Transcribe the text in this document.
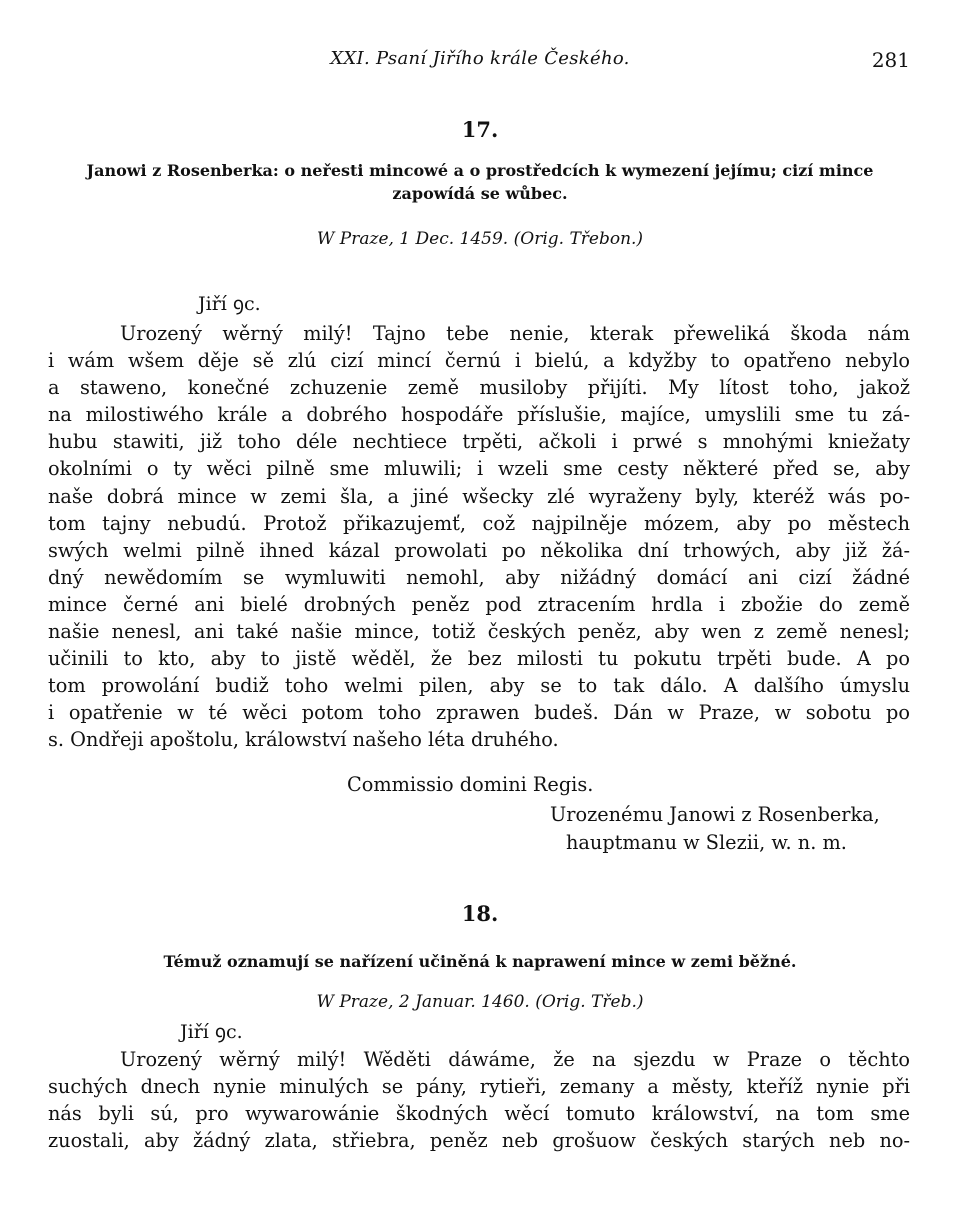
XXI. Psaní Jiřího krále Českého.	281
17.
Janowi z Rosenberka: o neřesti mincowé a o prostředcích k wymezení jejímu; cizí mince
zapowídá se wůbec.
W Praze, 1 Dec. 1459. (Orig. Třebon.)
Jiří ꝯc.
Urozený wěrný milý! Tajno tebe nenie, kterak přeweliká škoda nám
i wám wšem děje sě zlú cizí mincí černú i bielú, a kdyžby to opatřeno nebylo
a staweno, konečné zchuzenie země musiloby přijíti. My lítost toho, jakož
na milostiwého krále a dobrého hospodáře příslušie, majíce, umyslili sme tu zá-
hubu stawiti, již toho déle nechtiece trpěti, ačkoli i prwé s mnohými kniežaty
okolními o ty wěci pilně sme mluwili; i wzeli sme cesty některé před se, aby
naše dobrá mince w zemi šla, a jiné wšecky zlé wyraženy byly, kteréž wás po-
tom tajny nebudú. Protož přikazujemť, což najpilněje mózem, aby po městech
swých welmi pilně ihned kázal prowolati po několika dní trhowých, aby již žá-
dný newědomím se wymluwiti nemohl, aby nižádný domácí ani cizí žádné
mince černé ani bielé drobných peněz pod ztracením hrdla i zbožie do země
našie nenesl, ani také našie mince, totiž českých peněz, aby wen z země nenesl;
učinili to kto, aby to jistě wěděl, že bez milosti tu pokutu trpěti bude. A po
tom prowolání budiž toho welmi pilen, aby se to tak dálo. A dalšího úmyslu
i opatřenie w té wěci potom toho zprawen budeš. Dán w Praze, w sobotu po
s. Ondřeji apoštolu, králowství našeho léta druhého.
Commissio domini Regis.
Urozenému Janowi z Rosenberka,
hauptmanu w Slezii, w. n. m.
18.
Témuž oznamují se nařízení učiněná k naprawení mince w zemi běžné.
W Praze, 2 Januar. 1460. (Orig. Třeb.)
Jiří ꝯc.
Urozený wěrný milý! Wěděti dáwáme, že na sjezdu w Praze o těchto
suchých dnech nynie minulých se pány, rytieři, zemany a městy, kteříž nynie při
nás byli sú, pro wywarowánie škodných wěcí tomuto králowství, na tom sme
zuostali, aby žádný zlata, střiebra, peněz neb grošuow českých starých neb no-
